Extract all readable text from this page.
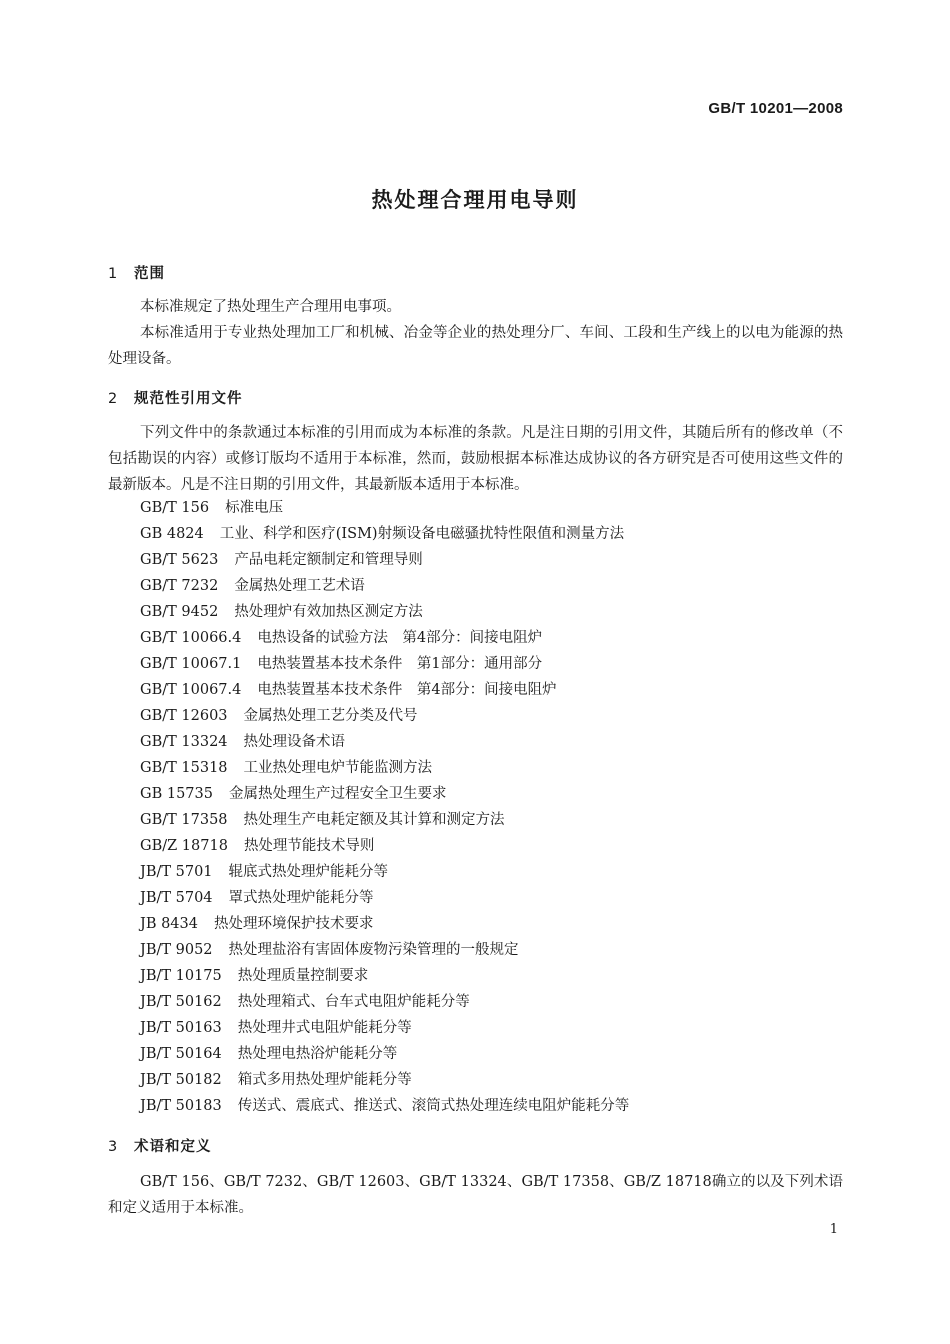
GB/T 10201—2008
热处理合理用电导则
1 范围
本标准规定了热处理生产合理用电事项。
本标准适用于专业热处理加工厂和机械、冶金等企业的热处理分厂、车间、工段和生产线上的以电为能源的热处理设备。
2 规范性引用文件
下列文件中的条款通过本标准的引用而成为本标准的条款。凡是注日期的引用文件，其随后所有的修改单（不包括勘误的内容）或修订版均不适用于本标准，然而，鼓励根据本标准达成协议的各方研究是否可使用这些文件的最新版本。凡是不注日期的引用文件，其最新版本适用于本标准。
GB/T 156 标准电压
GB 4824 工业、科学和医疗(ISM)射频设备电磁骚扰特性限值和测量方法
GB/T 5623 产品电耗定额制定和管理导则
GB/T 7232 金属热处理工艺术语
GB/T 9452 热处理炉有效加热区测定方法
GB/T 10066.4 电热设备的试验方法　第4部分：间接电阻炉
GB/T 10067.1 电热装置基本技术条件　第1部分：通用部分
GB/T 10067.4 电热装置基本技术条件　第4部分：间接电阻炉
GB/T 12603 金属热处理工艺分类及代号
GB/T 13324 热处理设备术语
GB/T 15318 工业热处理电炉节能监测方法
GB 15735 金属热处理生产过程安全卫生要求
GB/T 17358 热处理生产电耗定额及其计算和测定方法
GB/Z 18718 热处理节能技术导则
JB/T 5701 辊底式热处理炉能耗分等
JB/T 5704 罩式热处理炉能耗分等
JB 8434 热处理环境保护技术要求
JB/T 9052 热处理盐浴有害固体废物污染管理的一般规定
JB/T 10175 热处理质量控制要求
JB/T 50162 热处理箱式、台车式电阻炉能耗分等
JB/T 50163 热处理井式电阻炉能耗分等
JB/T 50164 热处理电热浴炉能耗分等
JB/T 50182 箱式多用热处理炉能耗分等
JB/T 50183 传送式、震底式、推送式、滚筒式热处理连续电阻炉能耗分等
3 术语和定义
GB/T 156、GB/T 7232、GB/T 12603、GB/T 13324、GB/T 17358、GB/Z 18718确立的以及下列术语和定义适用于本标准。
1
